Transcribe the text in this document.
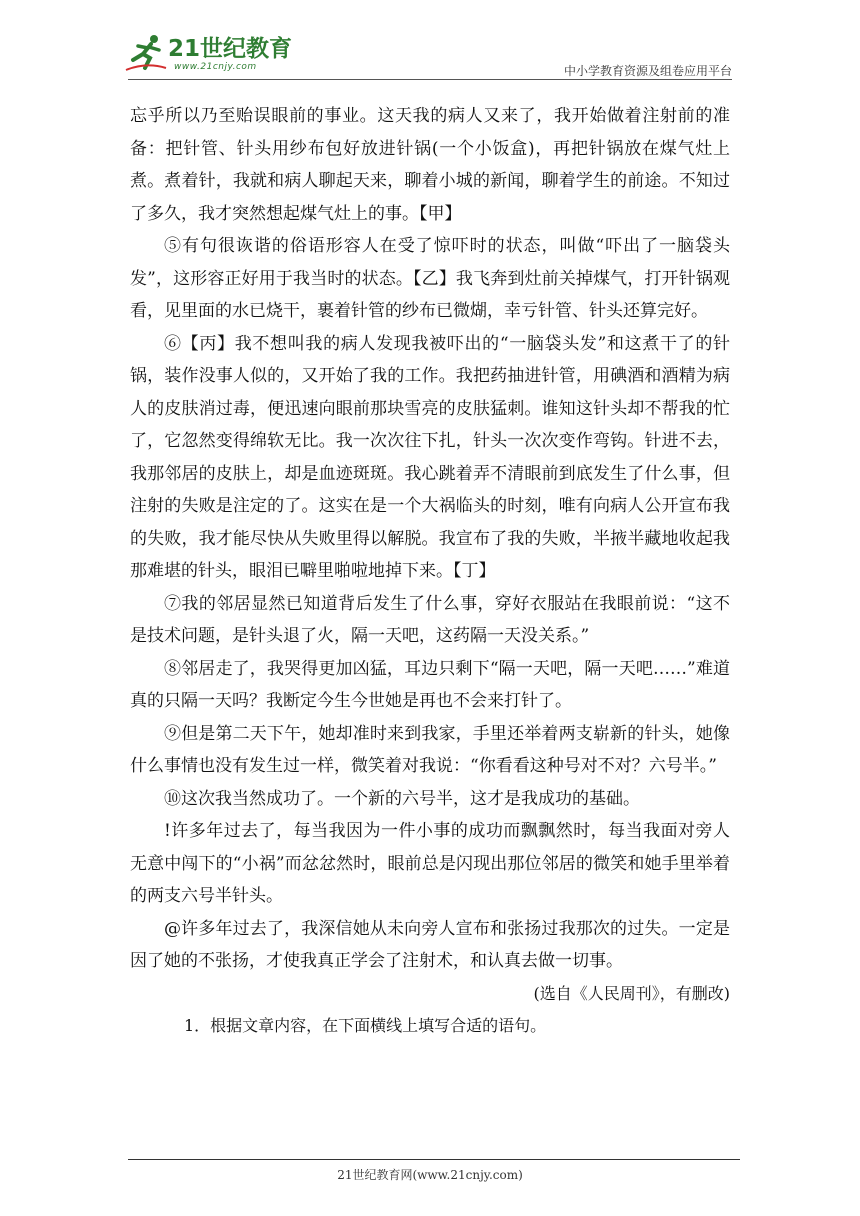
21世纪教育
www.21cnjy.com	中小学教育资源及组卷应用平台

忘乎所以乃至贻误眼前的事业。这天我的病人又来了，我开始做着注射前的准备：把针管、针头用纱布包好放进针锅(一个小饭盒)，再把针锅放在煤气灶上煮。煮着针，我就和病人聊起天来，聊着小城的新闻，聊着学生的前途。不知过了多久，我才突然想起煤气灶上的事。【甲】

⑤有句很诙谐的俗语形容人在受了惊吓时的状态，叫做“吓出了一脑袋头发”，这形容正好用于我当时的状态。【乙】我飞奔到灶前关掉煤气，打开针锅观看，见里面的水已烧干，裹着针管的纱布已微煳，幸亏针管、针头还算完好。

⑥【丙】我不想叫我的病人发现我被吓出的“一脑袋头发”和这煮干了的针锅，装作没事人似的，又开始了我的工作。我把药抽进针管，用碘酒和酒精为病人的皮肤消过毒，便迅速向眼前那块雪亮的皮肤猛刺。谁知这针头却不帮我的忙了，它忽然变得绵软无比。我一次次往下扎，针头一次次变作弯钩。针进不去，我那邻居的皮肤上，却是血迹斑斑。我心跳着弄不清眼前到底发生了什么事，但注射的失败是注定的了。这实在是一个大祸临头的时刻，唯有向病人公开宣布我的失败，我才能尽快从失败里得以解脱。我宣布了我的失败，半掖半藏地收起我那难堪的针头，眼泪已噼里啪啦地掉下来。【丁】

⑦我的邻居显然已知道背后发生了什么事，穿好衣服站在我眼前说：“这不是技术问题，是针头退了火，隔一天吧，这药隔一天没关系。”

⑧邻居走了，我哭得更加凶猛，耳边只剩下“隔一天吧，隔一天吧……”难道真的只隔一天吗？我断定今生今世她是再也不会来打针了。

⑨但是第二天下午，她却准时来到我家，手里还举着两支崭新的针头，她像什么事情也没有发生过一样，微笑着对我说：“你看看这种号对不对？六号半。”

⑩这次我当然成功了。一个新的六号半，这才是我成功的基础。

!许多年过去了，每当我因为一件小事的成功而飘飘然时，每当我面对旁人无意中闯下的“小祸”而忿忿然时，眼前总是闪现出那位邻居的微笑和她手里举着的两支六号半针头。

@许多年过去了，我深信她从未向旁人宣布和张扬过我那次的过失。一定是因了她的不张扬，才使我真正学会了注射术，和认真去做一切事。

(选自《人民周刊》，有删改)

1．根据文章内容，在下面横线上填写合适的语句。

21世纪教育网(www.21cnjy.com)
